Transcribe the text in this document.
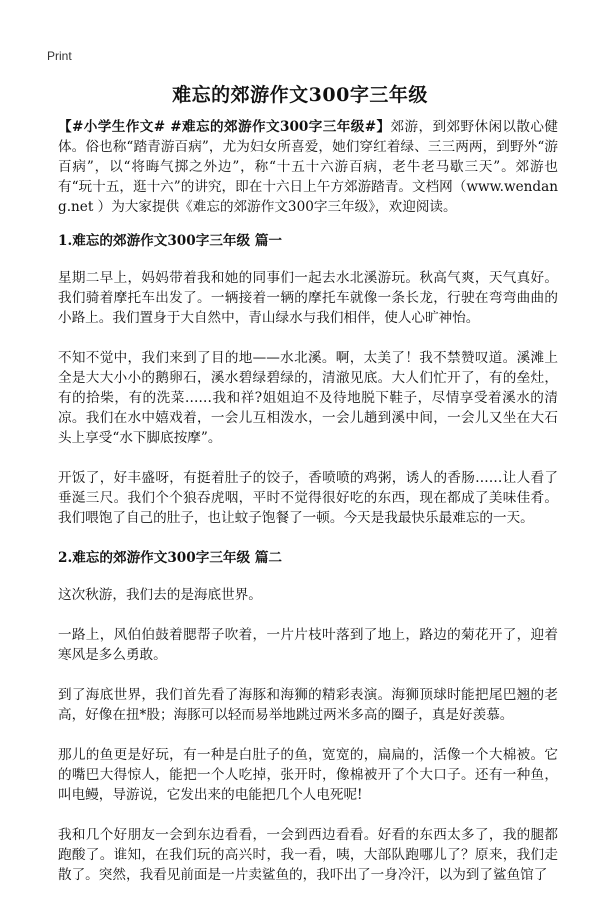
Print
难忘的郊游作文300字三年级

【#小学生作文# #难忘的郊游作文300字三年级#】郊游，到郊野休闲以散心健体。俗也称“踏青游百病”，尤为妇女所喜爱，她们穿红着绿、三三两两，到野外“游百病”，以“将晦气掷之外边”，称“十五十六游百病，老牛老马歇三天”。郊游也有“玩十五，逛十六”的讲究，即在十六日上午方郊游踏青。文档网（www.wendang.net ）为大家提供《难忘的郊游作文300字三年级》，欢迎阅读。

1.难忘的郊游作文300字三年级 篇一

星期二早上，妈妈带着我和她的同事们一起去水北溪游玩。秋高气爽，天气真好。我们骑着摩托车出发了。一辆接着一辆的摩托车就像一条长龙，行驶在弯弯曲曲的小路上。我们置身于大自然中，青山绿水与我们相伴，使人心旷神怡。

不知不觉中，我们来到了目的地——水北溪。啊，太美了！我不禁赞叹道。溪滩上全是大大小小的鹅卵石，溪水碧绿碧绿的，清澈见底。大人们忙开了，有的垒灶，有的拾柴，有的洗菜……我和祥?姐姐迫不及待地脱下鞋子，尽情享受着溪水的清凉。我们在水中嬉戏着，一会儿互相泼水，一会儿趟到溪中间，一会儿又坐在大石头上享受“水下脚底按摩”。

开饭了，好丰盛呀，有挺着肚子的饺子，香喷喷的鸡粥，诱人的香肠……让人看了垂涎三尺。我们个个狼吞虎咽，平时不觉得很好吃的东西，现在都成了美味佳肴。我们喂饱了自己的肚子，也让蚊子饱餐了一顿。今天是我最快乐最难忘的一天。

2.难忘的郊游作文300字三年级 篇二

这次秋游，我们去的是海底世界。

一路上，风伯伯鼓着腮帮子吹着，一片片枝叶落到了地上，路边的菊花开了，迎着寒风是多么勇敢。

到了海底世界，我们首先看了海豚和海狮的精彩表演。海狮顶球时能把尾巴翘的老高，好像在扭*股；海豚可以轻而易举地跳过两米多高的圈子，真是好羡慕。

那儿的鱼更是好玩，有一种是白肚子的鱼，宽宽的，扁扁的，活像一个大棉被。它的嘴巴大得惊人，能把一个人吃掉，张开时，像棉被开了个大口子。还有一种鱼，叫电鳗，导游说，它发出来的电能把几个人电死呢!

我和几个好朋友一会到东边看看，一会到西边看看。好看的东西太多了，我的腿都跑酸了。谁知，在我们玩的高兴时，我一看，咦，大部队跑哪儿了？原来，我们走散了。突然，我看见前面是一片卖鲨鱼的，我吓出了一身冷汗，以为到了鲨鱼馆了
